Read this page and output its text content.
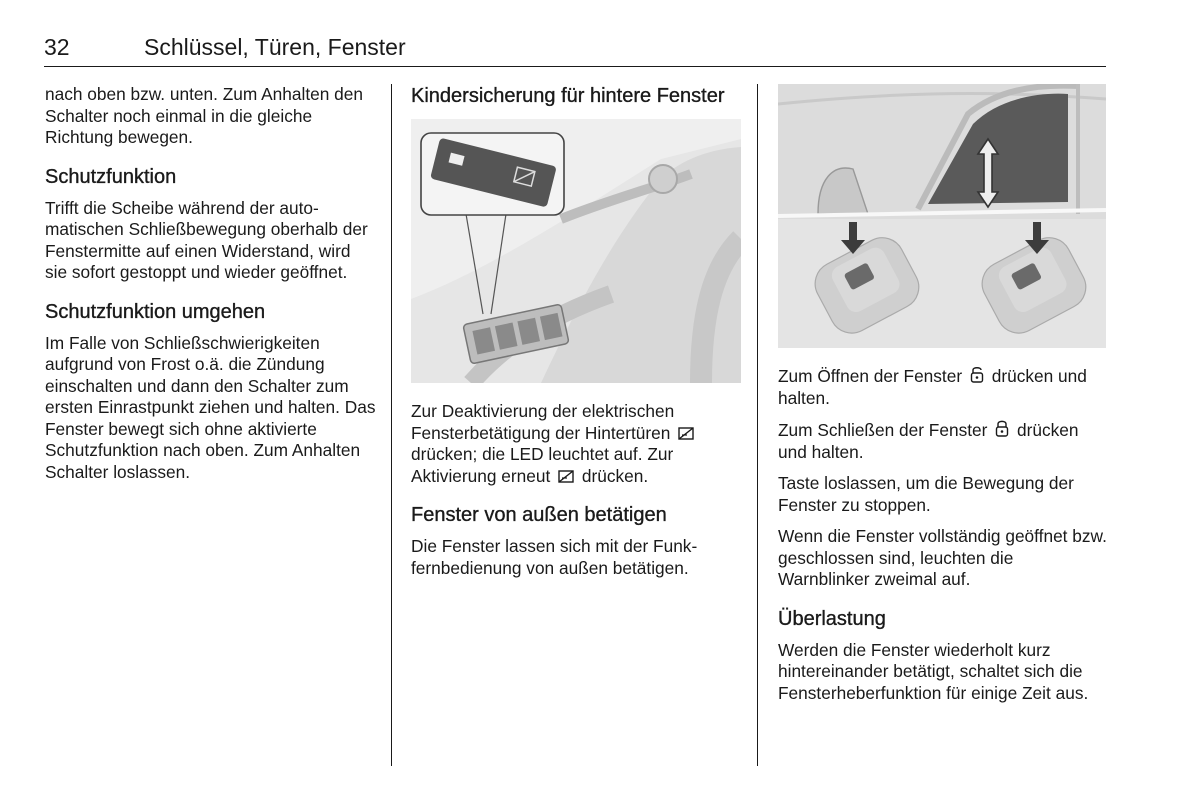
32	Schlüssel, Türen, Fenster

nach oben bzw. unten. Zum Anhalten den Schalter noch einmal in die gleiche Richtung bewegen.

Schutzfunktion

Trifft die Scheibe während der automatischen Schließbewegung oberhalb der Fenstermitte auf einen Widerstand, wird sie sofort gestoppt und wieder geöffnet.

Schutzfunktion umgehen

Im Falle von Schließschwierigkeiten aufgrund von Frost o.ä. die Zündung einschalten und dann den Schalter zum ersten Einrastpunkt ziehen und halten. Das Fenster bewegt sich ohne aktivierte Schutzfunktion nach oben. Zum Anhalten Schalter loslassen.

Kindersicherung für hintere Fenster

Zur Deaktivierung der elektrischen Fensterbetätigung der Hintertüren  drücken; die LED leuchtet auf. Zur Aktivierung erneut drücken.

Fenster von außen betätigen

Die Fenster lassen sich mit der Funkfernbedienung von außen betätigen.

Zum Öffnen der Fenster drücken und halten.

Zum Schließen der Fenster drücken und halten.

Taste loslassen, um die Bewegung der Fenster zu stoppen.

Wenn die Fenster vollständig geöffnet bzw. geschlossen sind, leuchten die Warnblinker zweimal auf.

Überlastung

Werden die Fenster wiederholt kurz hintereinander betätigt, schaltet sich die Fensterheberfunktion für einige Zeit aus.
